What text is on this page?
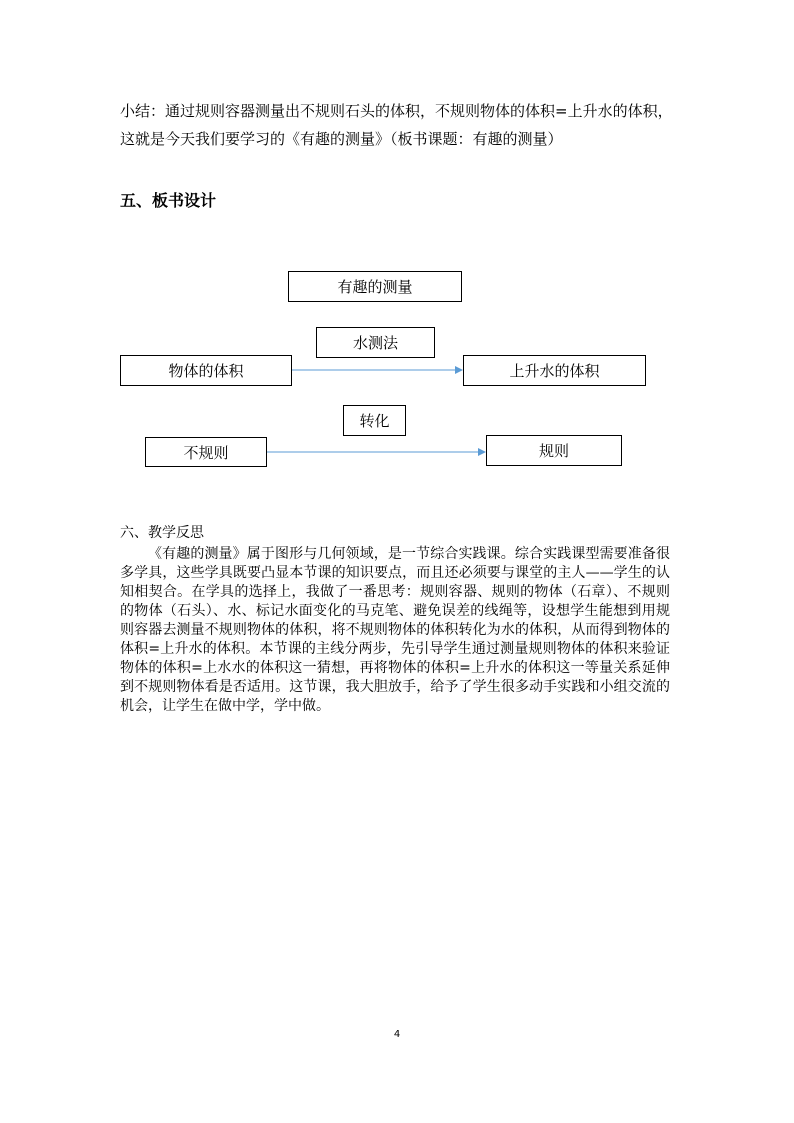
小结：通过规则容器测量出不规则石头的体积，不规则物体的体积=上升水的体积，这就是今天我们要学习的《有趣的测量》（板书课题：有趣的测量）

五、板书设计
有趣的测量
水测法
物体的体积	上升水的体积
转化
不规则	规则
六、教学反思

《有趣的测量》属于图形与几何领域，是一节综合实践课。综合实践课型需要准备很多学具，这些学具既要凸显本节课的知识要点，而且还必须要与课堂的主人——学生的认知相契合。在学具的选择上，我做了一番思考：规则容器、规则的物体（石章）、不规则的物体（石头）、水、标记水面变化的马克笔、避免误差的线绳等，设想学生能想到用规则容器去测量不规则物体的体积，将不规则物体的体积转化为水的体积，从而得到物体的体积=上升水的体积。本节课的主线分两步，先引导学生通过测量规则物体的体积来验证物体的体积=上水水的体积这一猜想，再将物体的体积=上升水的体积这一等量关系延伸到不规则物体看是否适用。这节课，我大胆放手，给予了学生很多动手实践和小组交流的机会，让学生在做中学，学中做。

4
